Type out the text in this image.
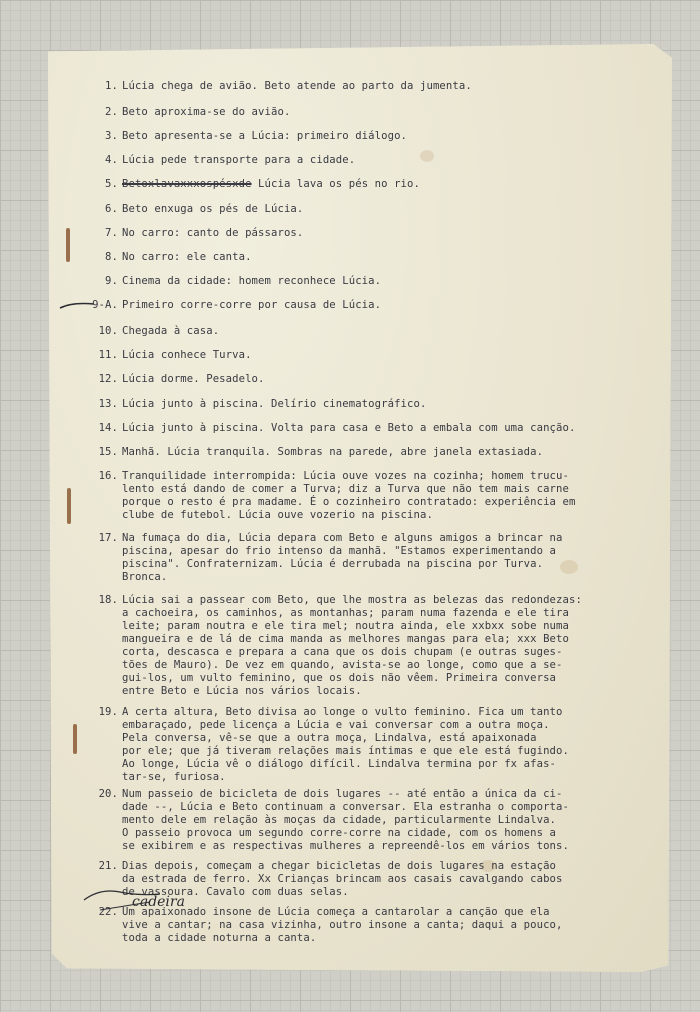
1. Lúcia chega de avião. Beto atende ao parto da jumenta.
2. Beto aproxima-se do avião.
3. Beto apresenta-se a Lúcia: primeiro diálogo.
4. Lúcia pede transporte para a cidade.
5. Betoxlavaxxxospésxde Lúcia lava os pés no rio.
6. Beto enxuga os pés de Lúcia.
7. No carro: canto de pássaros.
8. No carro: ele canta.
9. Cinema da cidade: homem reconhece Lúcia.
9-A. Primeiro corre-corre por causa de Lúcia.
10. Chegada à casa.
11. Lúcia conhece Turva.
12. Lúcia dorme. Pesadelo.
13. Lúcia junto à piscina. Delírio cinematográfico.
14. Lúcia junto à piscina. Volta para casa e Beto a embala com uma canção.
15. Manhã. Lúcia tranquila. Sombras na parede, abre janela extasiada.
16. Tranquilidade interrompida: Lúcia ouve vozes na cozinha; homem trucu-
lento está dando de comer a Turva; diz a Turva que não tem mais carne
porque o resto é pra madame. É o cozinheiro contratado: experiência em
clube de futebol. Lúcia ouve vozerio na piscina.
17. Na fumaça do dia, Lúcia depara com Beto e alguns amigos a brincar na
piscina, apesar do frio intenso da manhã. "Estamos experimentando a
piscina". Confraternizam. Lúcia é derrubada na piscina por Turva.
Bronca.
18. Lúcia sai a passear com Beto, que lhe mostra as belezas das redondezas:
a cachoeira, os caminhos, as montanhas; param numa fazenda e ele tira
leite; param noutra e ele tira mel; noutra ainda, ele xxbxx sobe numa
mangueira e de lá de cima manda as melhores mangas para ela; xxx Beto
corta, descasca e prepara a cana que os dois chupam (e outras suges-
tões de Mauro). De vez em quando, avista-se ao longe, como que a se-
gui-los, um vulto feminino, que os dois não vêem. Primeira conversa
entre Beto e Lúcia nos vários locais.
19. A certa altura, Beto divisa ao longe o vulto feminino. Fica um tanto
embaraçado, pede licença a Lúcia e vai conversar com a outra moça.
Pela conversa, vê-se que a outra moça, Lindalva, está apaixonada
por ele; que já tiveram relações mais íntimas e que ele está fugindo.
Ao longe, Lúcia vê o diálogo difícil. Lindalva termina por fx afas-
tar-se, furiosa.
20. Num passeio de bicicleta de dois lugares -- até então a única da ci-
dade --, Lúcia e Beto continuam a conversar. Ela estranha o comporta-
mento dele em relação às moças da cidade, particularmente Lindalva.
O passeio provoca um segundo corre-corre na cidade, com os homens a
se exibirem e as respectivas mulheres a repreendê-los em vários tons.
21. Dias depois, começam a chegar bicicletas de dois lugares na estação
da estrada de ferro. Xx Crianças brincam aos casais cavalgando cabos
de vassoura. Cavalo com duas selas.
22. Um apaixonado insone de Lúcia começa a cantarolar a canção que ela
vive a cantar; na casa vizinha, outro insone a canta; daqui a pouco,
toda a cidade noturna a canta.
cadeira
